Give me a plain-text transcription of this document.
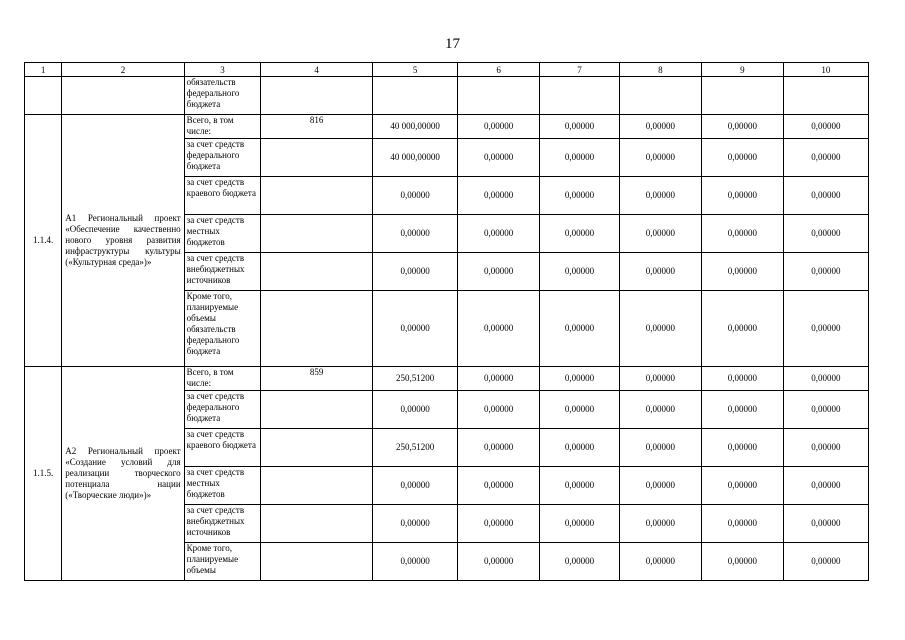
17
1	2	3	4	5	6	7	8	9	10
		обязательств федерального бюджета							
1.1.4.	А1 Региональный проект «Обеспечение качественно нового уровня развития инфраструктуры культуры («Культурная среда»)»	Всего, в том числе:	816	40 000,00000	0,00000	0,00000	0,00000	0,00000	0,00000
		за счет средств федерального бюджета		40 000,00000	0,00000	0,00000	0,00000	0,00000	0,00000
		за счет средств краевого бюджета		0,00000	0,00000	0,00000	0,00000	0,00000	0,00000
		за счет средств местных бюджетов		0,00000	0,00000	0,00000	0,00000	0,00000	0,00000
		за счет средств внебюджетных источников		0,00000	0,00000	0,00000	0,00000	0,00000	0,00000
		Кроме того, планируемые объемы обязательств федерального бюджета		0,00000	0,00000	0,00000	0,00000	0,00000	0,00000
1.1.5.	А2 Региональный проект «Создание условий для реализации творческого потенциала нации («Творческие люди»)»	Всего, в том числе:	859	250,51200	0,00000	0,00000	0,00000	0,00000	0,00000
		за счет средств федерального бюджета		0,00000	0,00000	0,00000	0,00000	0,00000	0,00000
		за счет средств краевого бюджета		250,51200	0,00000	0,00000	0,00000	0,00000	0,00000
		за счет средств местных бюджетов		0,00000	0,00000	0,00000	0,00000	0,00000	0,00000
		за счет средств внебюджетных источников		0,00000	0,00000	0,00000	0,00000	0,00000	0,00000
		Кроме того, планируемые объемы		0,00000	0,00000	0,00000	0,00000	0,00000	0,00000
